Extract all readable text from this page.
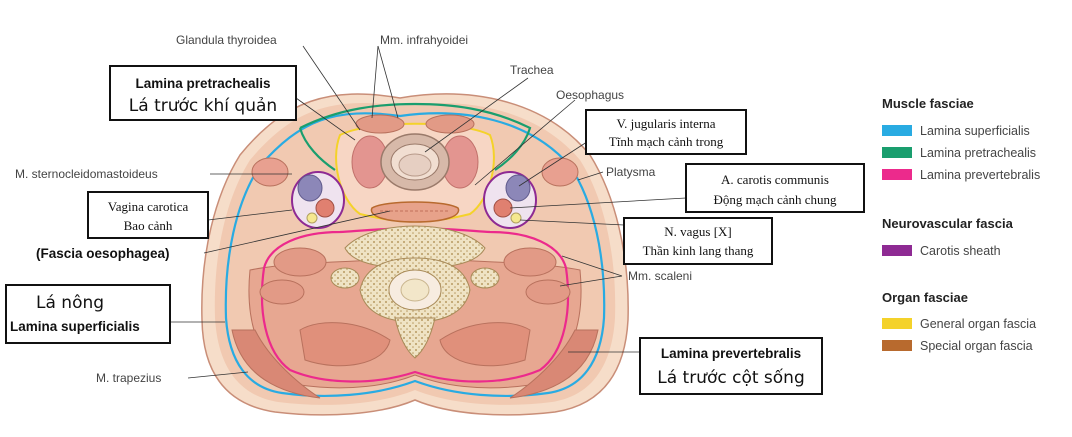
Glandula thyroidea	Mm. infrahyoidei
Trachea
Oesophagus
M. sternocleidomastoideus	Platysma
(Fascia oesophagea)
Mm. scaleni
M. trapezius
Lamina pretrachealis
Lá trước khí quản
V. jugularis interna
Tĩnh mạch cảnh trong
Vagina carotica
Bao cảnh
A. carotis communis
Động mạch cảnh chung
N. vagus [X]
Thần kinh lang thang
Lá nông
Lamina superficialis
Lamina prevertebralis
Lá trước cột sống
Muscle fasciae
Lamina superficialis
Lamina pretrachealis
Lamina prevertebralis
Neurovascular fascia
Carotis sheath
Organ fasciae
General organ fascia
Special organ fascia
